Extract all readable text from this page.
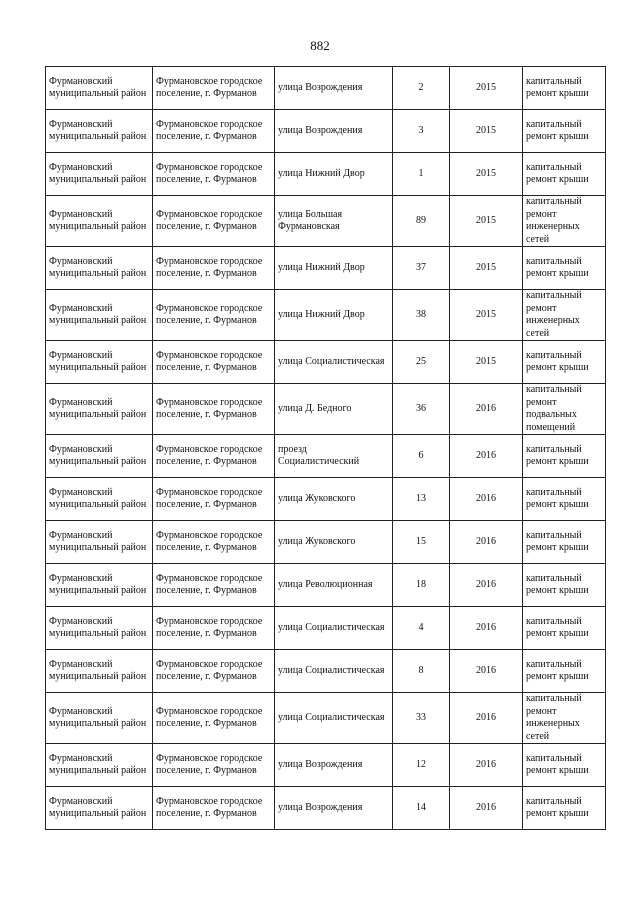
882
Фурмановский муниципальный район	Фурмановское городское поселение, г. Фурманов	улица Возрождения	2	2015	капитальный ремонт крыши
Фурмановский муниципальный район	Фурмановское городское поселение, г. Фурманов	улица Возрождения	3	2015	капитальный ремонт крыши
Фурмановский муниципальный район	Фурмановское городское поселение, г. Фурманов	улица Нижний Двор	1	2015	капитальный ремонт крыши
Фурмановский муниципальный район	Фурмановское городское поселение, г. Фурманов	улица Большая Фурмановская	89	2015	капитальный ремонт инженерных сетей
Фурмановский муниципальный район	Фурмановское городское поселение, г. Фурманов	улица Нижний Двор	37	2015	капитальный ремонт крыши
Фурмановский муниципальный район	Фурмановское городское поселение, г. Фурманов	улица Нижний Двор	38	2015	капитальный ремонт инженерных сетей
Фурмановский муниципальный район	Фурмановское городское поселение, г. Фурманов	улица Социалистическая	25	2015	капитальный ремонт крыши
Фурмановский муниципальный район	Фурмановское городское поселение, г. Фурманов	улица Д. Бедного	36	2016	капитальный ремонт подвальных помещений
Фурмановский муниципальный район	Фурмановское городское поселение, г. Фурманов	проезд Социалистический	6	2016	капитальный ремонт крыши
Фурмановский муниципальный район	Фурмановское городское поселение, г. Фурманов	улица Жуковского	13	2016	капитальный ремонт крыши
Фурмановский муниципальный район	Фурмановское городское поселение, г. Фурманов	улица Жуковского	15	2016	капитальный ремонт крыши
Фурмановский муниципальный район	Фурмановское городское поселение, г. Фурманов	улица Революционная	18	2016	капитальный ремонт крыши
Фурмановский муниципальный район	Фурмановское городское поселение, г. Фурманов	улица Социалистическая	4	2016	капитальный ремонт крыши
Фурмановский муниципальный район	Фурмановское городское поселение, г. Фурманов	улица Социалистическая	8	2016	капитальный ремонт крыши
Фурмановский муниципальный район	Фурмановское городское поселение, г. Фурманов	улица Социалистическая	33	2016	капитальный ремонт инженерных сетей
Фурмановский муниципальный район	Фурмановское городское поселение, г. Фурманов	улица Возрождения	12	2016	капитальный ремонт крыши
Фурмановский муниципальный район	Фурмановское городское поселение, г. Фурманов	улица Возрождения	14	2016	капитальный ремонт крыши
